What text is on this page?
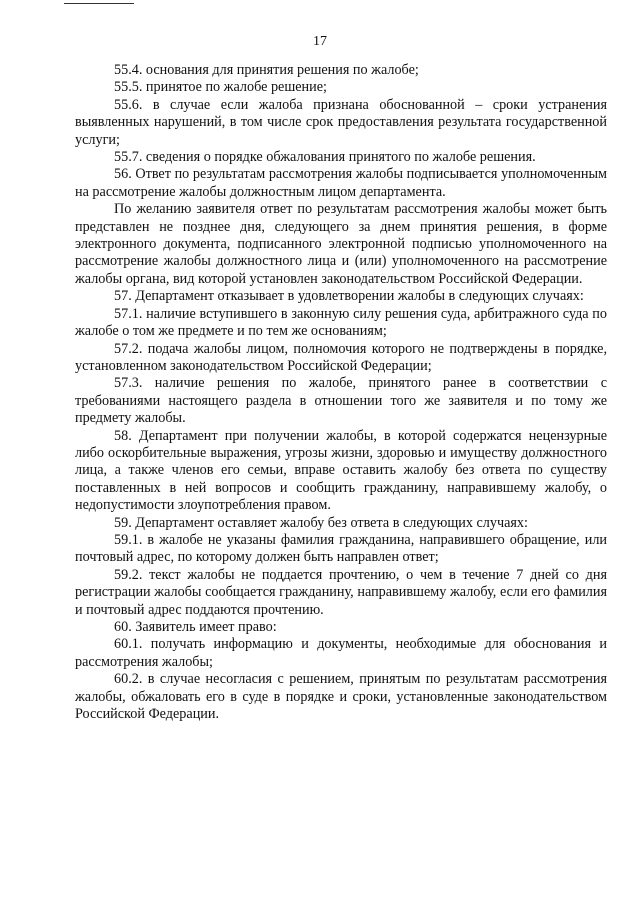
17

55.4. основания для принятия решения по жалобе;

55.5. принятое по жалобе решение;

55.6. в случае если жалоба признана обоснованной – сроки устранения выявленных нарушений, в том числе срок предоставления результата государственной услуги;

55.7. сведения о порядке обжалования принятого по жалобе решения.

56. Ответ по результатам рассмотрения жалобы подписывается уполномоченным на рассмотрение жалобы должностным лицом департамента.

По желанию заявителя ответ по результатам рассмотрения жалобы может быть представлен не позднее дня, следующего за днем принятия решения, в форме электронного документа, подписанного электронной подписью уполномоченного на рассмотрение жалобы должностного лица и (или) уполномоченного на рассмотрение жалобы органа, вид которой установлен законодательством Российской Федерации.

57. Департамент отказывает в удовлетворении жалобы в следующих случаях:

57.1. наличие вступившего в законную силу решения суда, арбитражного суда по жалобе о том же предмете и по тем же основаниям;

57.2. подача жалобы лицом, полномочия которого не подтверждены в порядке, установленном законодательством Российской Федерации;

57.3. наличие решения по жалобе, принятого ранее в соответствии с требованиями настоящего раздела в отношении того же заявителя и по тому же предмету жалобы.

58. Департамент при получении жалобы, в которой содержатся нецензурные либо оскорбительные выражения, угрозы жизни, здоровью и имуществу должностного лица, а также членов его семьи, вправе оставить жалобу без ответа по существу поставленных в ней вопросов и сообщить гражданину, направившему жалобу, о недопустимости злоупотребления правом.

59. Департамент оставляет жалобу без ответа в следующих случаях:

59.1. в жалобе не указаны фамилия гражданина, направившего обращение, или почтовый адрес, по которому должен быть направлен ответ;

59.2. текст жалобы не поддается прочтению, о чем в течение 7 дней со дня регистрации жалобы сообщается гражданину, направившему жалобу, если его фамилия и почтовый адрес поддаются прочтению.

60. Заявитель имеет право:

60.1. получать информацию и документы, необходимые для обоснования и рассмотрения жалобы;

60.2. в случае несогласия с решением, принятым по результатам рассмотрения жалобы, обжаловать его в суде в порядке и сроки, установленные законодательством Российской Федерации.
